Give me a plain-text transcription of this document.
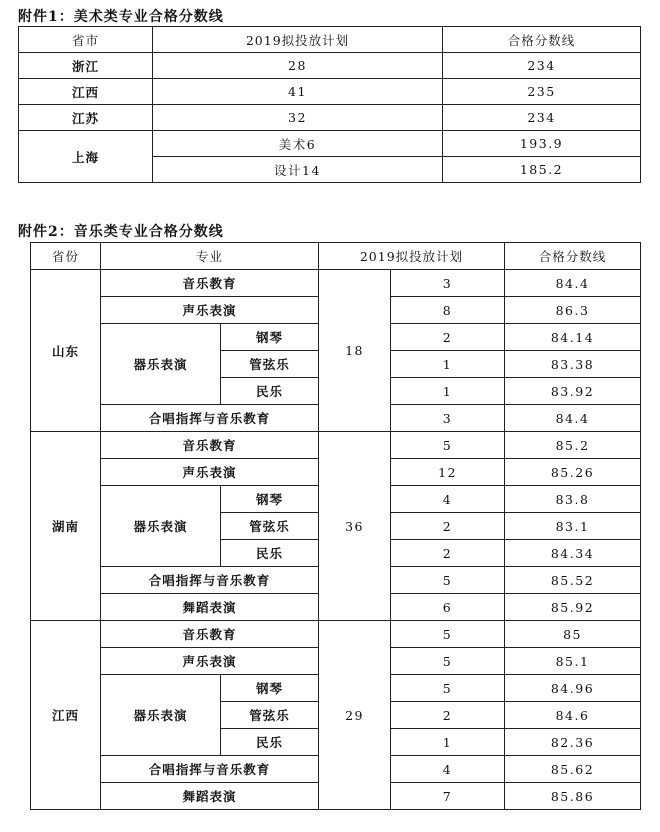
附件1：美术类专业合格分数线
省市	2019拟投放计划	合格分数线
浙江	28	234
江西	41	235
江苏	32	234
上海	美术6	193.9
	设计14	185.2
附件2：音乐类专业合格分数线
省份	专业		2019拟投放计划		合格分数线
山东	音乐教育		18	3	84.4
	声乐表演			8	86.3
	器乐表演	钢琴		2	84.14
		管弦乐		1	83.38
		民乐		1	83.92
	合唱指挥与音乐教育			3	84.4
湖南	音乐教育		36	5	85.2
	声乐表演			12	85.26
	器乐表演	钢琴		4	83.8
		管弦乐		2	83.1
		民乐		2	84.34
	合唱指挥与音乐教育			5	85.52
	舞蹈表演			6	85.92
江西	音乐教育		29	5	85
	声乐表演			5	85.1
	器乐表演	钢琴		5	84.96
		管弦乐		2	84.6
		民乐		1	82.36
	合唱指挥与音乐教育			4	85.62
	舞蹈表演			7	85.86
